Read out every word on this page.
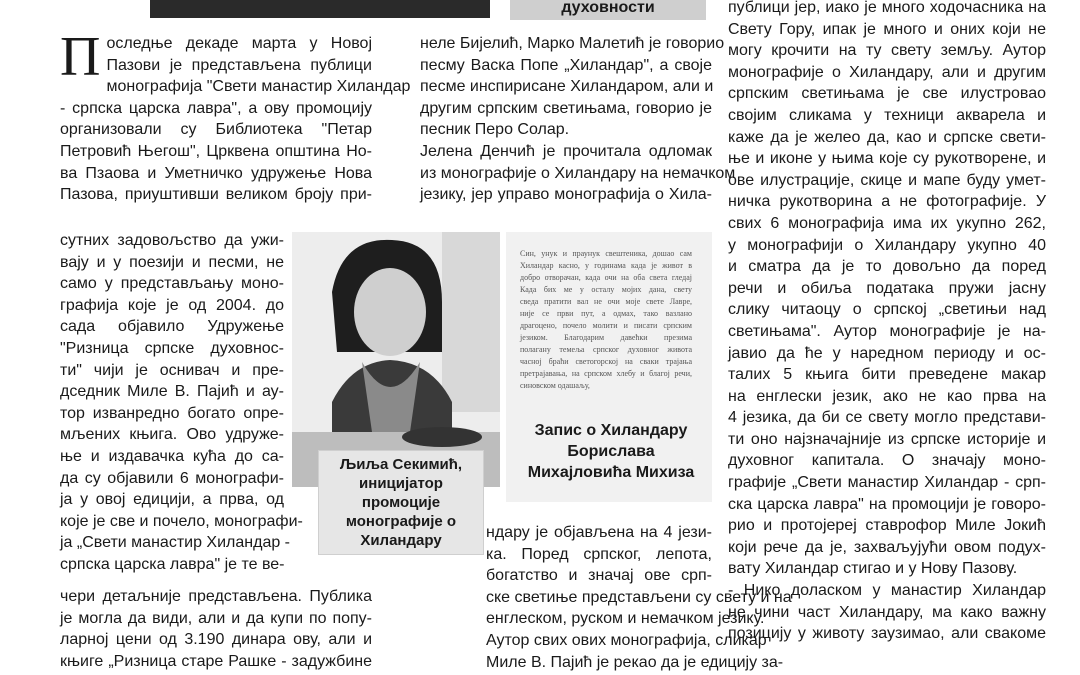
духовности
П оследње декаде марта у Новој
Пазови је представљена публици
монографија "Свети манастир Хиландар
- српска царска лавра", а ову промоцију
организовали су Библиотека "Петар
Петровић Његош", Црквена општина Но-
ва Пзаова и Уметничко удружење Нова
Пазова, приуштивши великом броју при-
сутних задовољство да ужи-
вају и у поезији и песми, не
само у представљању моно-
графија које је од 2004. до
сада објавило Удружење
"Ризница српске духовнос-
ти" чији је оснивач и пре-
дседник Миле В. Пајић и ау-
тор изванредно богато опре-
мљених књига. Ово удруже-
ње и издавачка кућа до са-
да су објавили 6 монографи-
ја у овој едицији, а прва, од
које је све и почело, монографи-
ја „Свети манастир Хиландар -
српска царска лавра" је те ве-
чери детаљније представљена. Публика
је могла да види, али и да купи по попу-
ларној цени од 3.190 динара ову, али и
књиге „Ризница старе Рашке - задужбине
неле Бијелић, Марко Малетић је говорио
песму Васка Попе „Хиландар", а своје
песме инспирисане Хиландаром, али и
другим српским светињама, говорио је
песник Перо Солар.
Јелена Денчић је прочитала одломак
из монографије о Хиландару на немачком
језику, јер управо монографија о Хила-
Љиља Секимић,
иницијатор
промоције
монографије о
Хиландару
Син, унук и праунук свештеника, дошао сам
Хиландар касно, у годинама када је живот в
добро отворачан, када очи на оба света гледај
Када бих ме у осталу мојих дана, свету
сведа пратити вал не очи моје свете Лавре,
није се први пут, а одмах, тако вазлано
драгоцено, почело молити и писати српским
језиком. Благодарим давећки презима
полагану темеља српског духовног живота
часној браћи светогорској на сваки трајања
претрајавања, на српском хлебу и благој речи,
синовском одашаљу,
Запис о Хиландару
Борислава
Михајловића Михиза
ндару је објављена на 4 јези-
ка. Поред српског, лепота,
богатство и значај ове срп-
ске светиње представљени су свету и на
енглеском, руском и немачком језику.
Аутор свих ових монографија, сликар
Миле В. Пајић је рекао да је едицију за-
публици јер, иако је много ходочасника на
Свету Гору, ипак је много и оних који не
могу крочити на ту свету земљу. Аутор
монографије о Хиландару, али и другим
српским светињама је све илустровао
својим сликама у техници акварела и
каже да је желео да, као и српске свети-
ње и иконе у њима које су рукотворене, и
ове илустрације, скице и мапе буду умет-
ничка рукотворина а не фотографије. У
свих 6 монографија има их укупно 262,
у монографији о Хиландару укупно 40
и сматра да је то довољно да поред
речи и обиља података пружи јасну
слику читаоцу о српској „светињи над
светињама". Аутор монографије је на-
јавио да ће у наредном периоду и ос-
талих 5 књига бити преведене макар
на енглески језик, ако не као прва на
4 језика, да би се свету могло представи-
ти оно најзначајније из српске историје и
духовног капитала. О значају моно-
графије „Свети манастир Хиландар - срп-
ска царска лавра" на промоцији је говоро-
рио и протојереј ставрофор Миле Јокић
који рече да је, захваљујући овом подух-
вату Хиландар стигао и у Нову Пазову.
- Нико доласком у манастир Хиландар
не чини част Хиландару, ма како важну
позицију у животу заузимао, али свакоме
